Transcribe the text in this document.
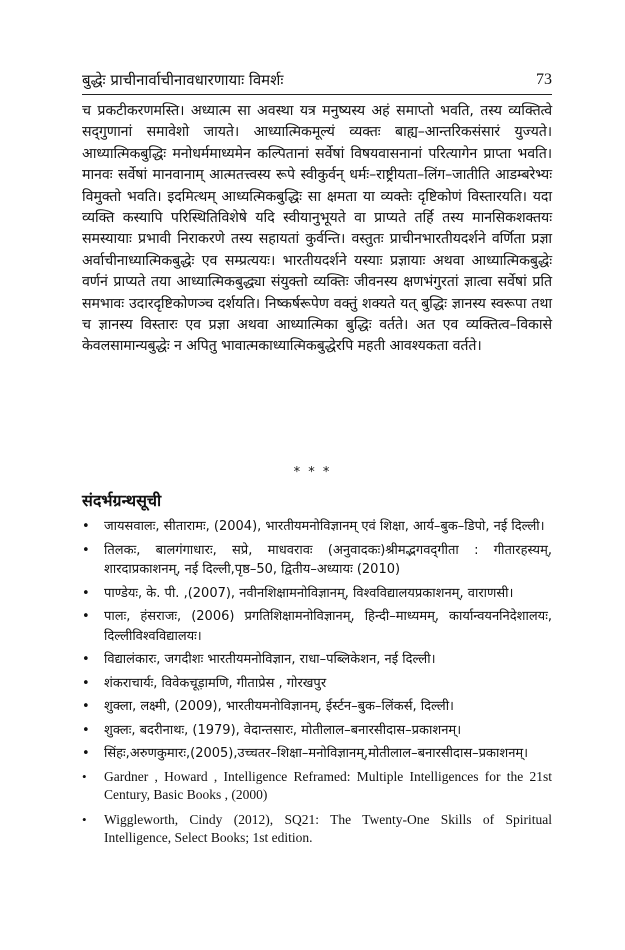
बुद्धेः प्राचीनार्वाचीनावधारणायाः विमर्शः	73

च प्रकटीकरणमस्ति। अध्यात्म सा अवस्था यत्र मनुष्यस्य अहं समाप्तो भवति, तस्य व्यक्तित्वे सद्‌गुणानां समावेशो जायते। आध्यात्मिकमूल्यं व्यक्तः बाह्य–आन्तरिकसंसारं युज्यते। आध्यात्मिकबुद्धिः मनोधर्ममाध्यमेन कल्पितानां सर्वेषां विषयवासनानां परित्यागेन प्राप्ता भवति। मानवः सर्वेषां मानवानाम् आत्मतत्त्वस्य रूपे स्वीकुर्वन् धर्मः–राष्ट्रीयता–लिंग–जातीति आडम्बरेभ्यः विमुक्तो भवति। इदमित्थम् आध्यत्मिकबुद्धिः सा क्षमता या व्यक्तेः दृष्टिकोणं विस्तारयति। यदा व्यक्ति कस्यापि परिस्थितिविशेषे यदि स्वीयानुभूयते वा प्राप्यते तर्हि तस्य मानसिकशक्तयः समस्यायाः प्रभावी निराकरणे तस्य सहायतां कुर्वन्ति। वस्तुतः प्राचीनभारतीयदर्शने वर्णिता प्रज्ञा अर्वाचीनाध्यात्मिकबुद्धेः एव सम्प्रत्ययः। भारतीयदर्शने यस्याः प्रज्ञायाः अथवा आध्यात्मिकबुद्धेः वर्णनं प्राप्यते तया आध्यात्मिकबुद्ध्या संयुक्तो व्यक्तिः जीवनस्य क्षणभंगुरतां ज्ञात्वा सर्वेषां प्रति समभावः उदारदृष्टिकोणञ्च दर्शयति। निष्कर्षरूपेण वक्तुं शक्यते यत् बुद्धिः ज्ञानस्य स्वरूपा तथा च ज्ञानस्य विस्तारः एव प्रज्ञा अथवा आध्यात्मिका बुद्धिः वर्तते। अत एव व्यक्तित्व–विकासे केवलसामान्यबुद्धेः न अपितु भावात्मकाध्यात्मिकबुद्धेरपि महती आवश्यकता वर्तते।

* * *
संदर्भग्रन्थसूची
• जायसवालः, सीतारामः, (2004), भारतीयमनोविज्ञानम् एवं शिक्षा, आर्य–बुक–डिपो, नई दिल्ली।
• तिलकः, बालगंगाधारः, सप्रे, माधवरावः (अनुवादकः)श्रीमद्भगवद्‌गीता : गीतारहस्यम्, शारदाप्रकाशनम्, नई दिल्ली,पृष्ठ–50, द्वितीय–अध्यायः (2010)
• पाण्डेयः, के. पी. ,(2007), नवीनशिक्षामनोविज्ञानम्, विश्वविद्यालयप्रकाशनम्, वाराणसी।
• पालः, हंसराजः, (2006) प्रगतिशिक्षामनोविज्ञानम्, हिन्दी–माध्यमम्, कार्यान्वयननिदेशालयः, दिल्लीविश्वविद्यालयः।
• विद्यालंकारः, जगदीशः भारतीयमनोविज्ञान, राधा–पब्लिकेशन, नई दिल्ली।
• शंकराचार्यः, विवेकचूड़ामणि, गीताप्रेस , गोरखपुर
• शुक्ला, लक्ष्मी, (2009), भारतीयमनोविज्ञानम्, ईर्स्टन–बुक–लिंकर्स, दिल्ली।
• शुक्लः, बदरीनाथः, (1979), वेदान्तसारः, मोतीलाल–बनारसीदास–प्रकाशनम्।
• सिंहः,अरुणकुमारः,(2005),उच्चतर–शिक्षा–मनोविज्ञानम्,मोतीलाल–बनारसीदास–प्रकाशनम्।
• Gardner , Howard , Intelligence Reframed: Multiple Intelligences for the 21st Century, Basic Books , (2000)
• Wiggleworth, Cindy (2012), SQ21: The Twenty-One Skills of Spiritual Intelligence, Select Books; 1st edition.
